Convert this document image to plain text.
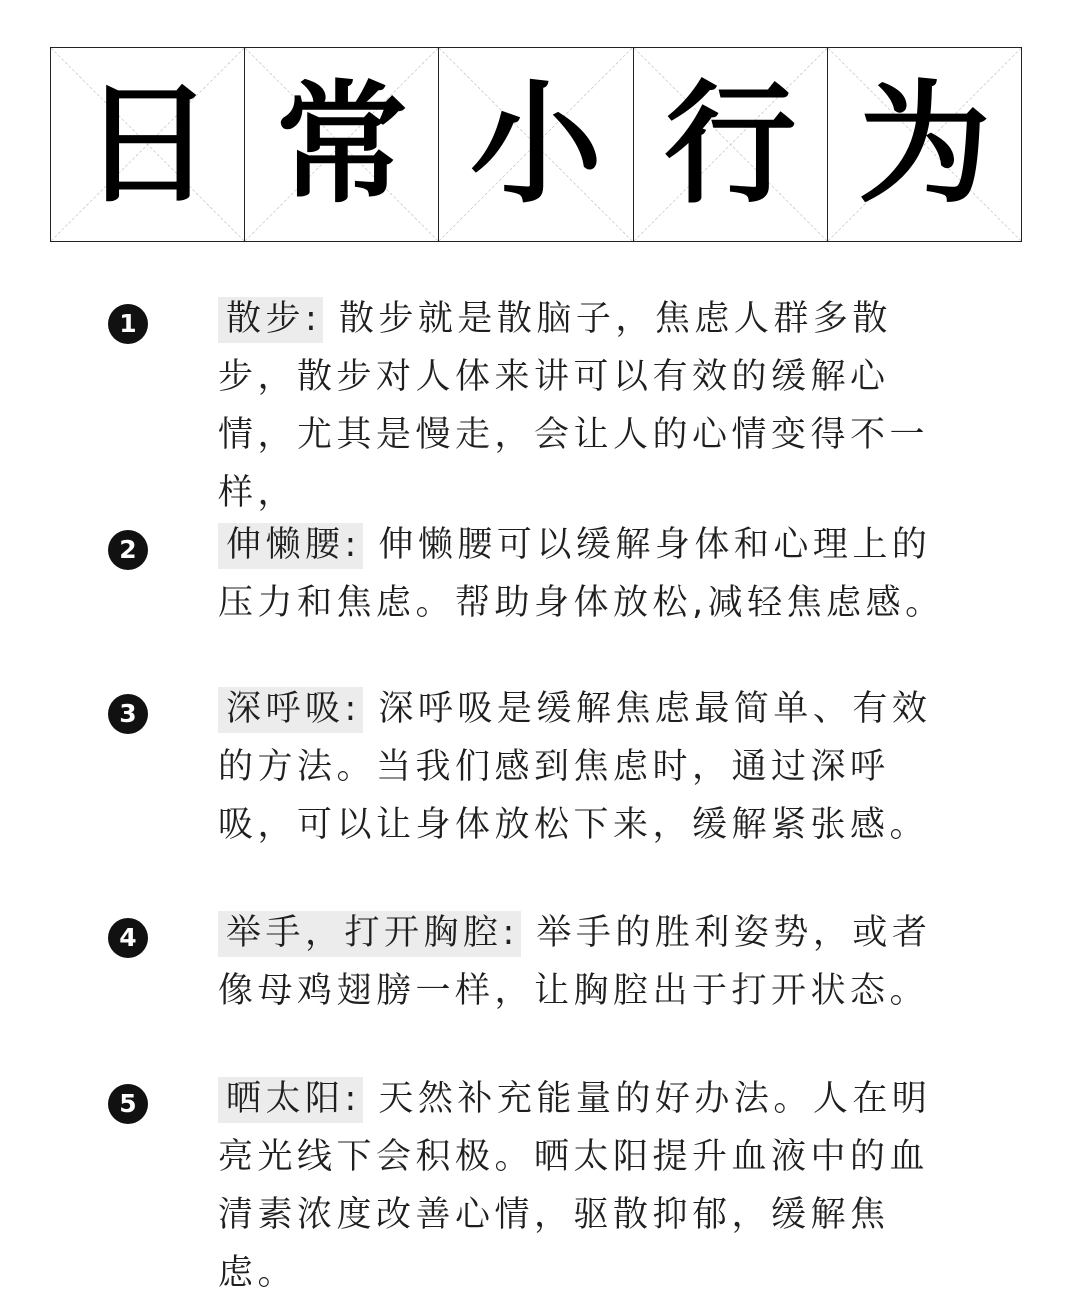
日 常 小 行 为
1	散步: 散步就是散脑子，焦虑人群多散步，散步对人体来讲可以有效的缓解心情，尤其是慢走，会让人的心情变得不一样，

2	伸懒腰: 伸懒腰可以缓解身体和心理上的压力和焦虑。帮助身体放松,减轻焦虑感。

3	深呼吸: 深呼吸是缓解焦虑最简单、有效的方法。当我们感到焦虑时，通过深呼吸，可以让身体放松下来，缓解紧张感。

4	举手，打开胸腔: 举手的胜利姿势，或者像母鸡翅膀一样，让胸腔出于打开状态。

5	晒太阳: 天然补充能量的好办法。人在明亮光线下会积极。晒太阳提升血液中的血清素浓度改善心情，驱散抑郁，缓解焦虑。
